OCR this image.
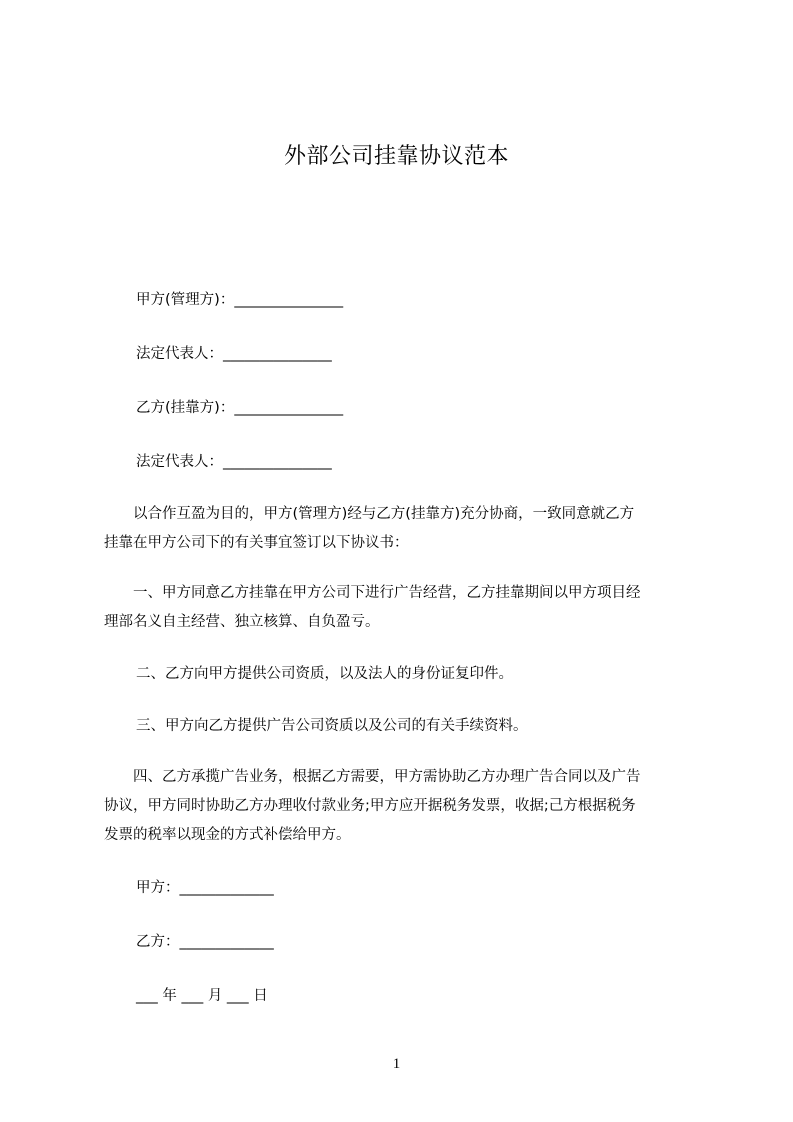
外部公司挂靠协议范本
甲方(管理方)：_______________
法定代表人：_______________
乙方(挂靠方)：_______________
法定代表人：_______________

　　以合作互盈为目的，甲方(管理方)经与乙方(挂靠方)充分协商，一致同意就乙方

挂靠在甲方公司下的有关事宜签订以下协议书：

　　一、甲方同意乙方挂靠在甲方公司下进行广告经营，乙方挂靠期间以甲方项目经

理部名义自主经营、独立核算、自负盈亏。

二、乙方向甲方提供公司资质，以及法人的身份证复印件。
三、甲方向乙方提供广告公司资质以及公司的有关手续资料。

　　四、乙方承揽广告业务，根据乙方需要，甲方需协助乙方办理广告合同以及广告

协议，甲方同时协助乙方办理收付款业务;甲方应开据税务发票，收据;己方根据税务

发票的税率以现金的方式补偿给甲方。

甲方：_____________
乙方：_____________
___ 年 ___ 月 ___ 日
1
